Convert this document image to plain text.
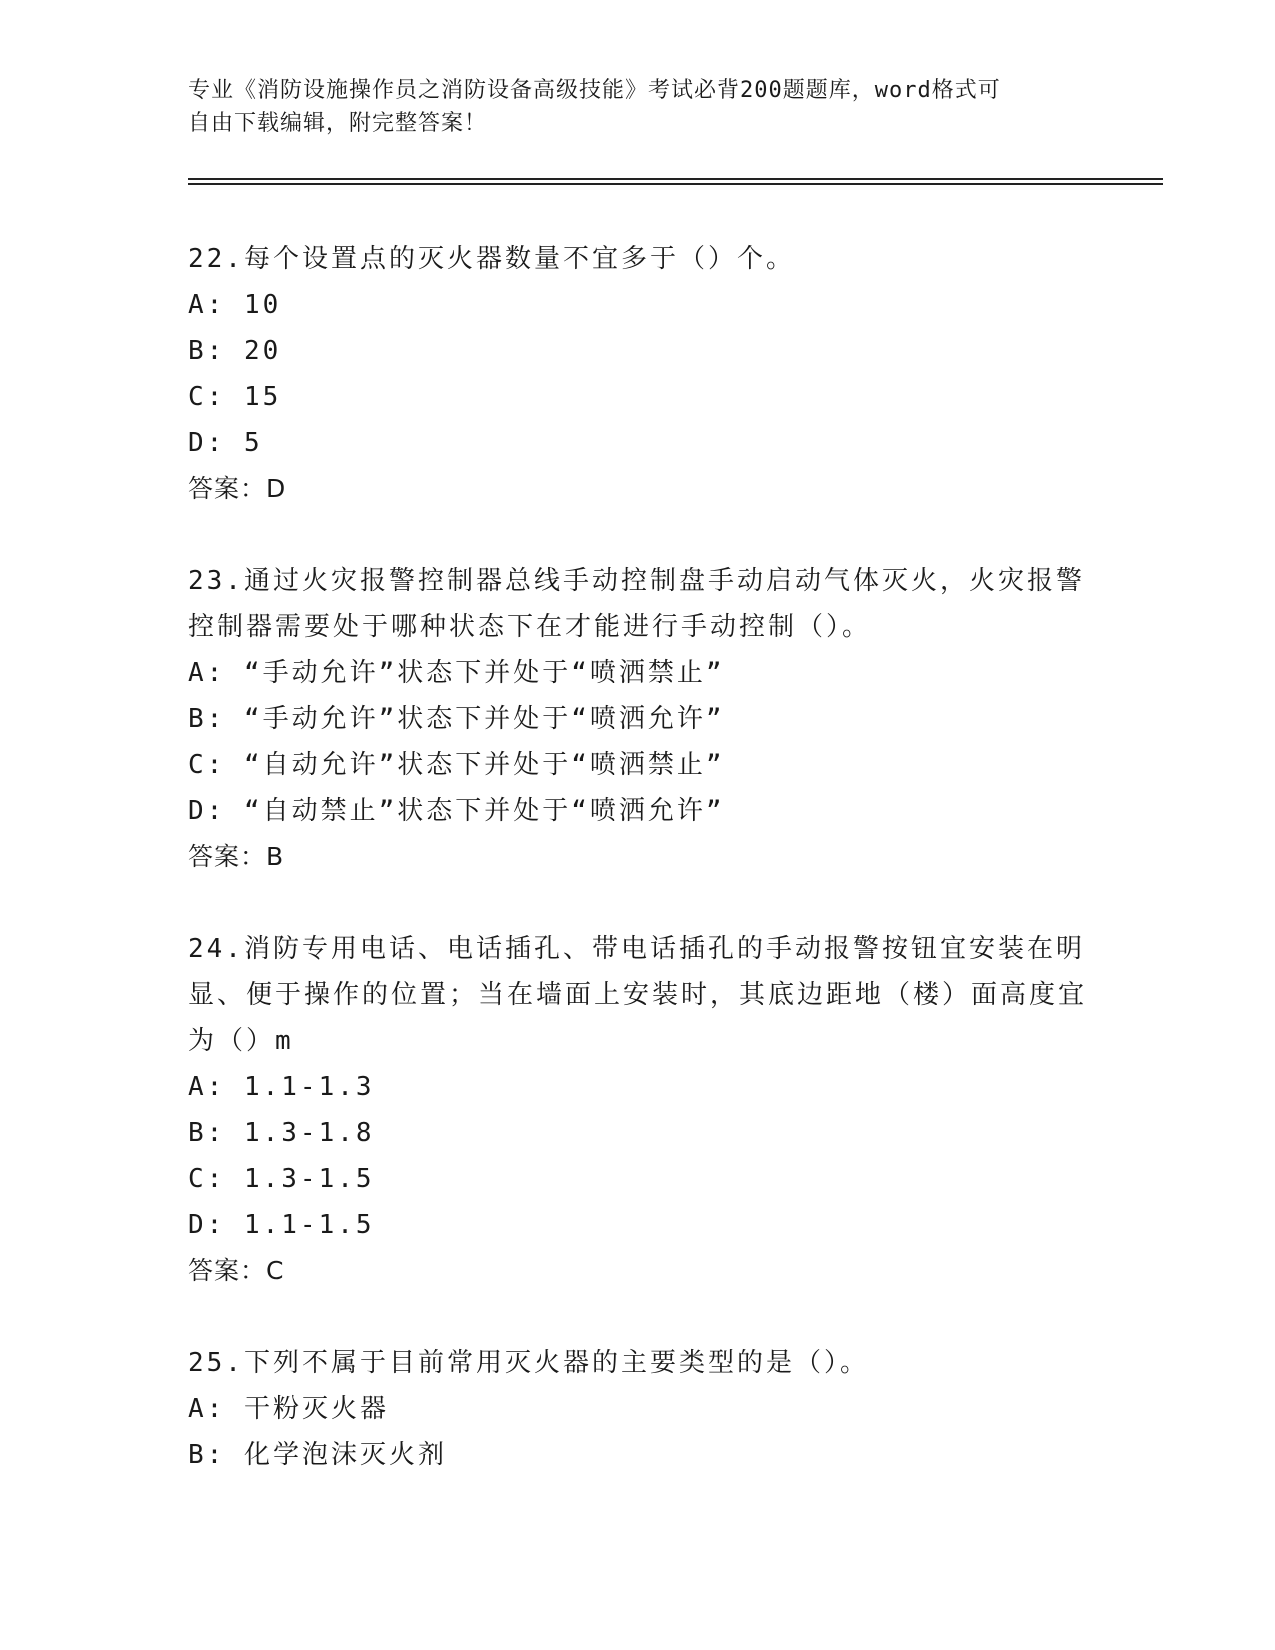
专业《消防设施操作员之消防设备高级技能》考试必背200题题库，word格式可
自由下载编辑，附完整答案！
22.每个设置点的灭火器数量不宜多于（）个。
A: 10
B: 20
C: 15
D: 5
答案：D
23.通过火灾报警控制器总线手动控制盘手动启动气体灭火，火灾报警控制器需要处于哪种状态下在才能进行手动控制（）。
A: “手动允许”状态下并处于“喷洒禁止”
B: “手动允许”状态下并处于“喷洒允许”
C: “自动允许”状态下并处于“喷洒禁止”
D: “自动禁止”状态下并处于“喷洒允许”
答案：B
24.消防专用电话、电话插孔、带电话插孔的手动报警按钮宜安装在明显、便于操作的位置；当在墙面上安装时，其底边距地（楼）面高度宜为（）m
A: 1.1-1.3
B: 1.3-1.8
C: 1.3-1.5
D: 1.1-1.5
答案：C
25.下列不属于目前常用灭火器的主要类型的是（）。
A: 干粉灭火器
B: 化学泡沫灭火剂
